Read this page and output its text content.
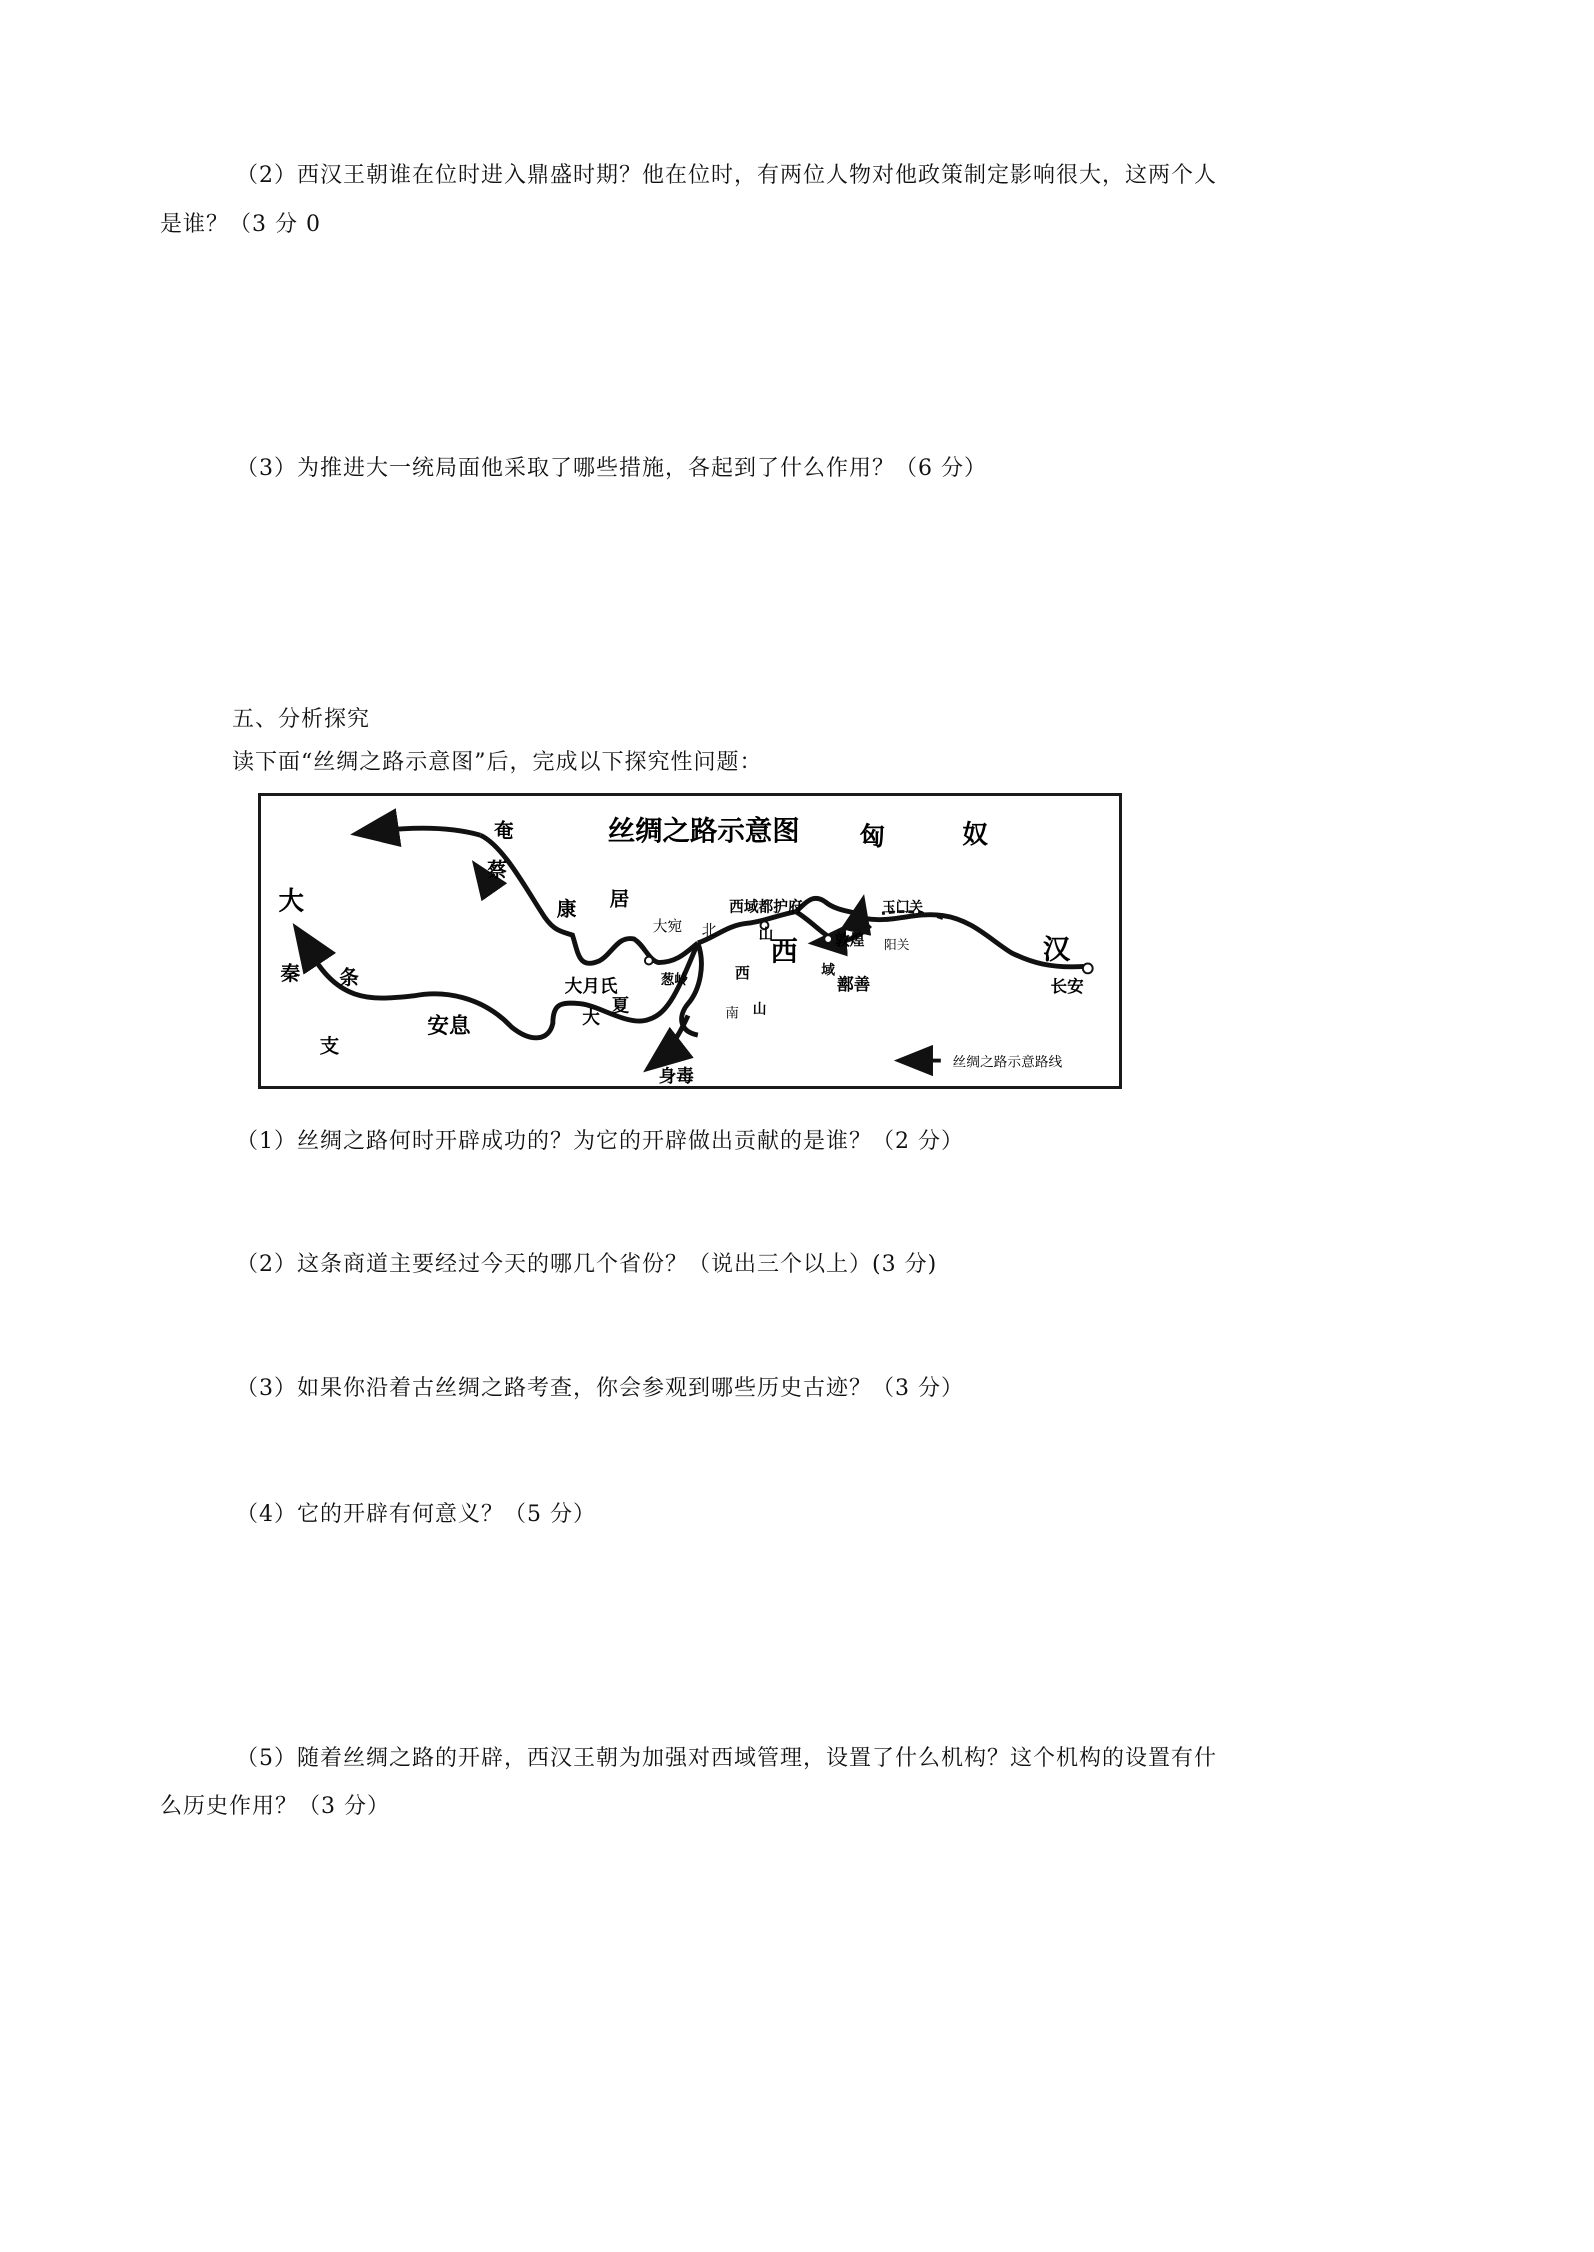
（2）西汉王朝谁在位时进入鼎盛时期？他在位时，有两位人物对他政策制定影响很大，这两个人
是谁？（3 分 0
（3）为推进大一统局面他采取了哪些措施，各起到了什么作用？（6 分）
五、分析探究
读下面“丝绸之路示意图”后，完成以下探究性问题：
丝绸之路示意图 匈	奴
奄
蔡
康 居
大
秦 条
支
安息
大月氏
大
夏
大宛 北
西域都护府
山
西 敦煌
玉门关
阳关	汉
长安
葱岭	西	域
鄯善
南 山
身毒
丝绸之路示意路线
（1）丝绸之路何时开辟成功的？为它的开辟做出贡献的是谁？（2 分）
（2）这条商道主要经过今天的哪几个省份？（说出三个以上）(3 分)
（3）如果你沿着古丝绸之路考查，你会参观到哪些历史古迹？（3 分）
（4）它的开辟有何意义？（5 分）
（5）随着丝绸之路的开辟，西汉王朝为加强对西域管理，设置了什么机构？这个机构的设置有什
么历史作用？（3 分）
